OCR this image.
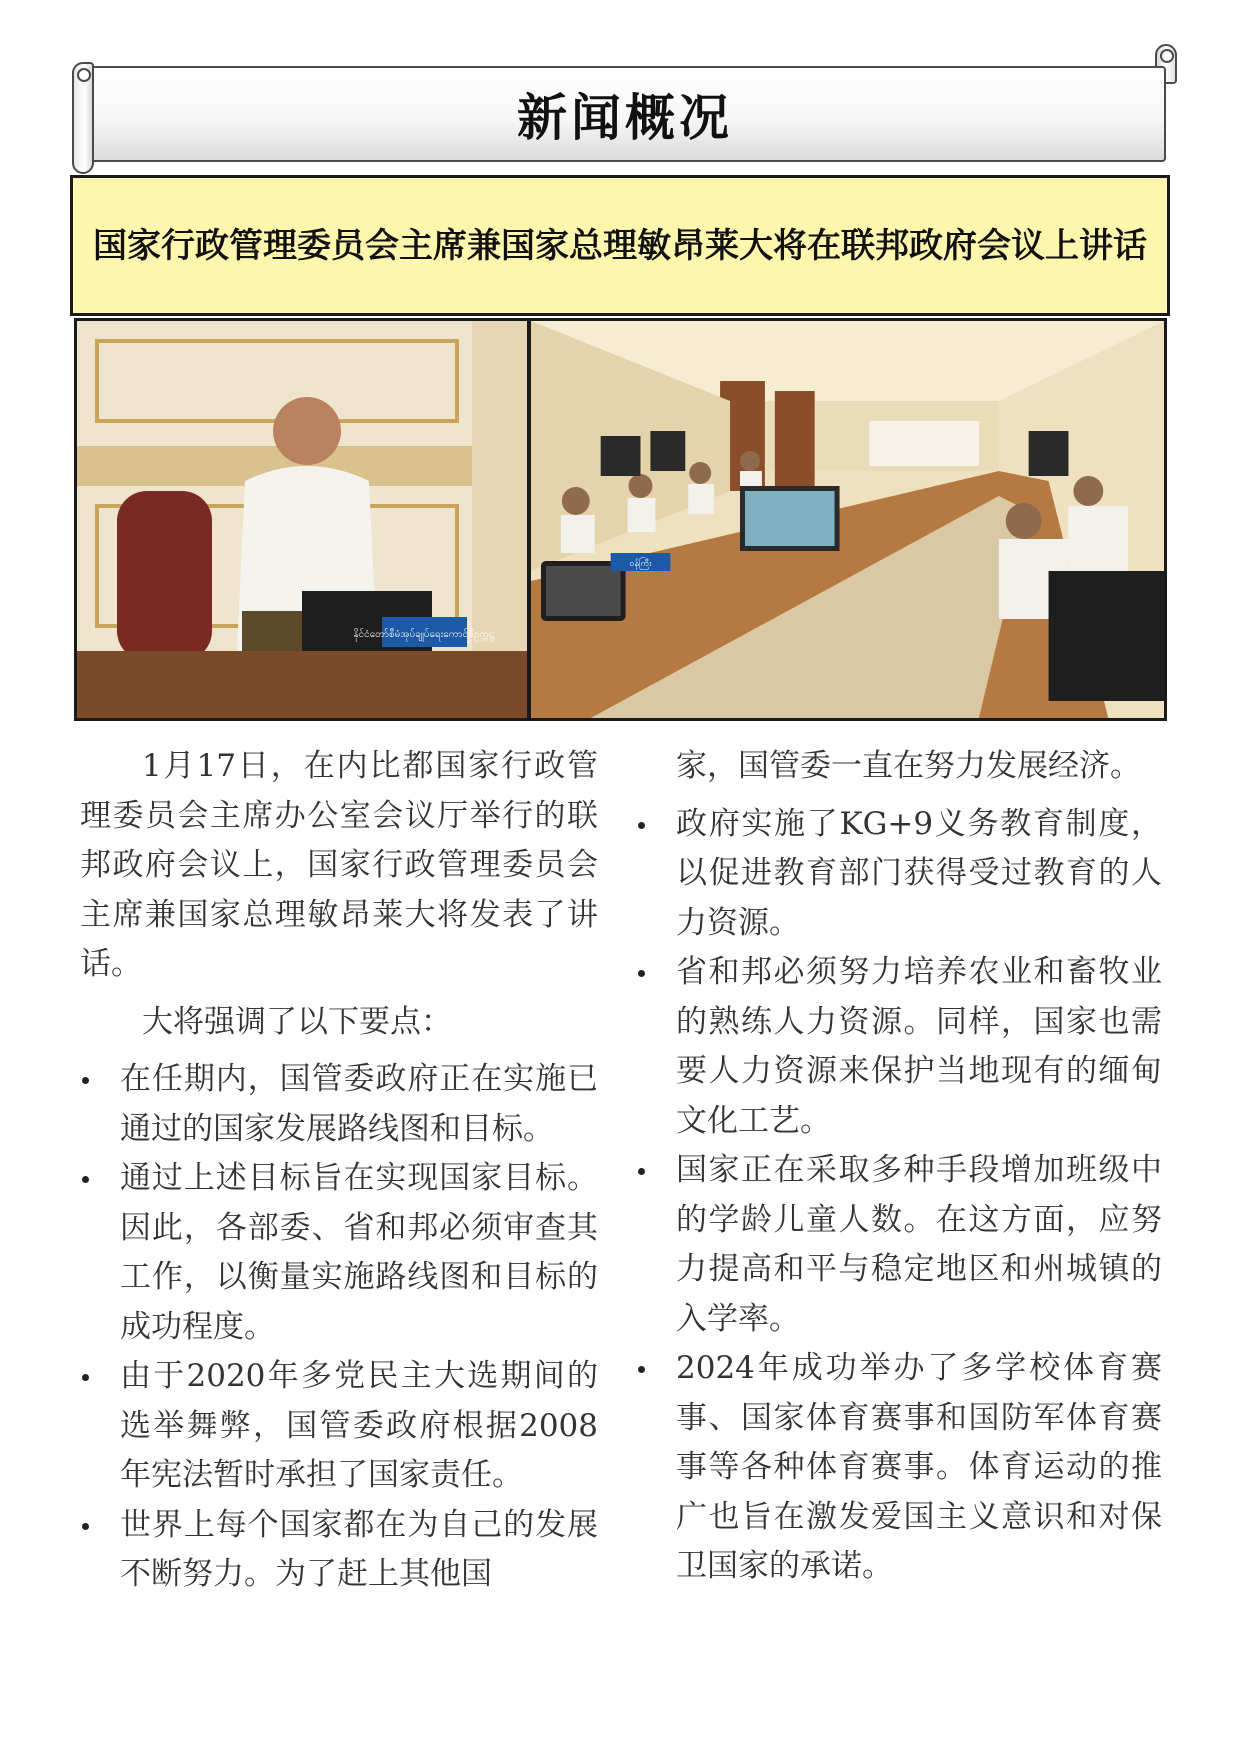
新闻概况
国家行政管理委员会主席兼国家总理敏昂莱大将在联邦政府会议上讲话
နိုင်ငံတော်စီမံအုပ်ချုပ်ရေးကောင်စီဥက္ကဋ္ဌ
ဝန်ကြီး

1月17日，在内比都国家行政管理委员会主席办公室会议厅举行的联邦政府会议上，国家行政管理委员会主席兼国家总理敏昂莱大将发表了讲话。

大将强调了以下要点：

在任期内，国管委政府正在实施已通过的国家发展路线图和目标。
通过上述目标旨在实现国家目标。因此，各部委、省和邦必须审查其工作，以衡量实施路线图和目标的成功程度。
由于2020年多党民主大选期间的选举舞弊，国管委政府根据2008年宪法暂时承担了国家责任。
世界上每个国家都在为自己的发展不断努力。为了赶上其他国
家，国管委一直在努力发展经济。
政府实施了KG+9义务教育制度，以促进教育部门获得受过教育的人力资源。
省和邦必须努力培养农业和畜牧业的熟练人力资源。同样，国家也需要人力资源来保护当地现有的缅甸文化工艺。
国家正在采取多种手段增加班级中的学龄儿童人数。在这方面，应努力提高和平与稳定地区和州城镇的入学率。
2024年成功举办了多学校体育赛事、国家体育赛事和国防军体育赛事等各种体育赛事。体育运动的推广也旨在激发爱国主义意识和对保卫国家的承诺。
